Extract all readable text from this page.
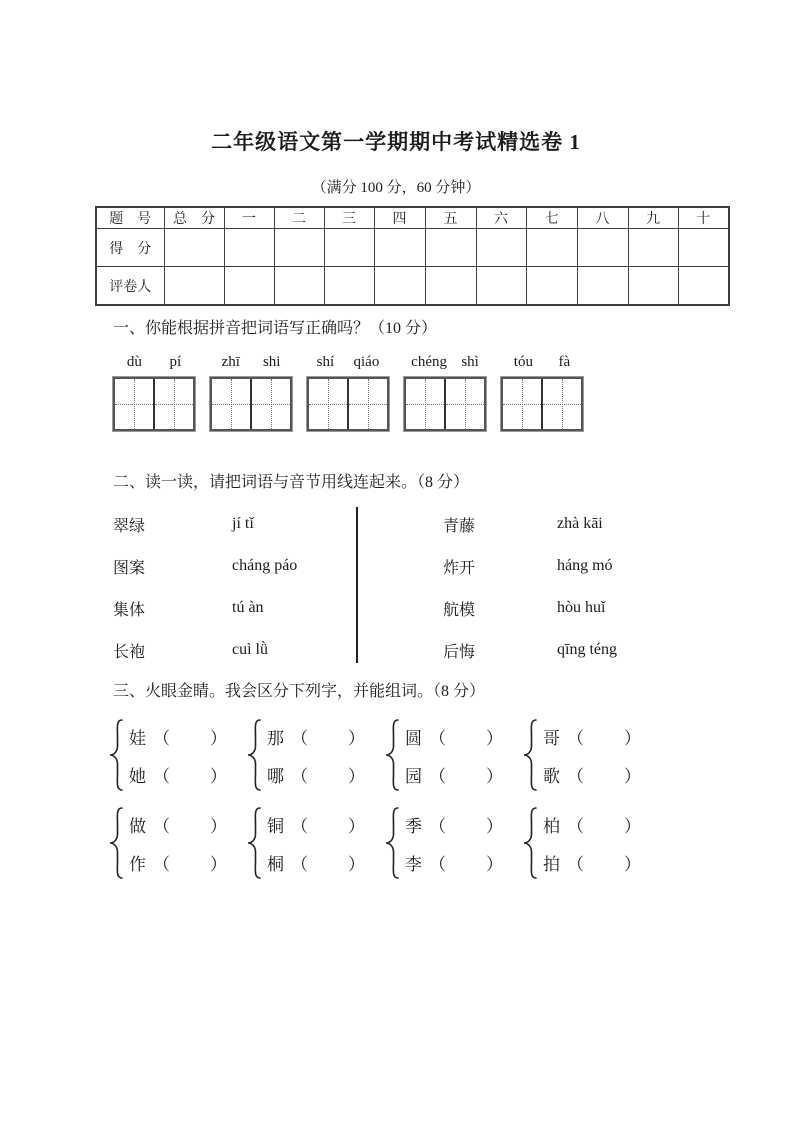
二年级语文第一学期期中考试精选卷 1
（满分 100 分，60 分钟）
题　号	总　分	一	二	三	四	五	六	七	八	九	十
得　分											
评卷人											
一、你能根据拼音把词语写正确吗？（10 分）
dù pí	zhī shi shí qiáo chéng shì tóu fà
二、读一读，请把词语与音节用线连起来。（8 分）
翠绿	jí tǐ	青藤	zhà kāi
图案	cháng páo	炸开	háng mó
集体	tú àn	航模	hòu huǐ
长袍	cuì lǜ	后悔	qīng téng
三、火眼金睛。我会区分下列字，并能组词。（8 分）
娃 （　　）
她 （　　）
那 （　　）
哪 （　　）
圆 （　　）
园 （　　）
哥 （　　）
歌 （　　）
做 （　　）
作 （　　）
铜 （　　）
桐 （　　）
季 （　　）
李 （　　）
柏 （　　）
拍 （　　）
